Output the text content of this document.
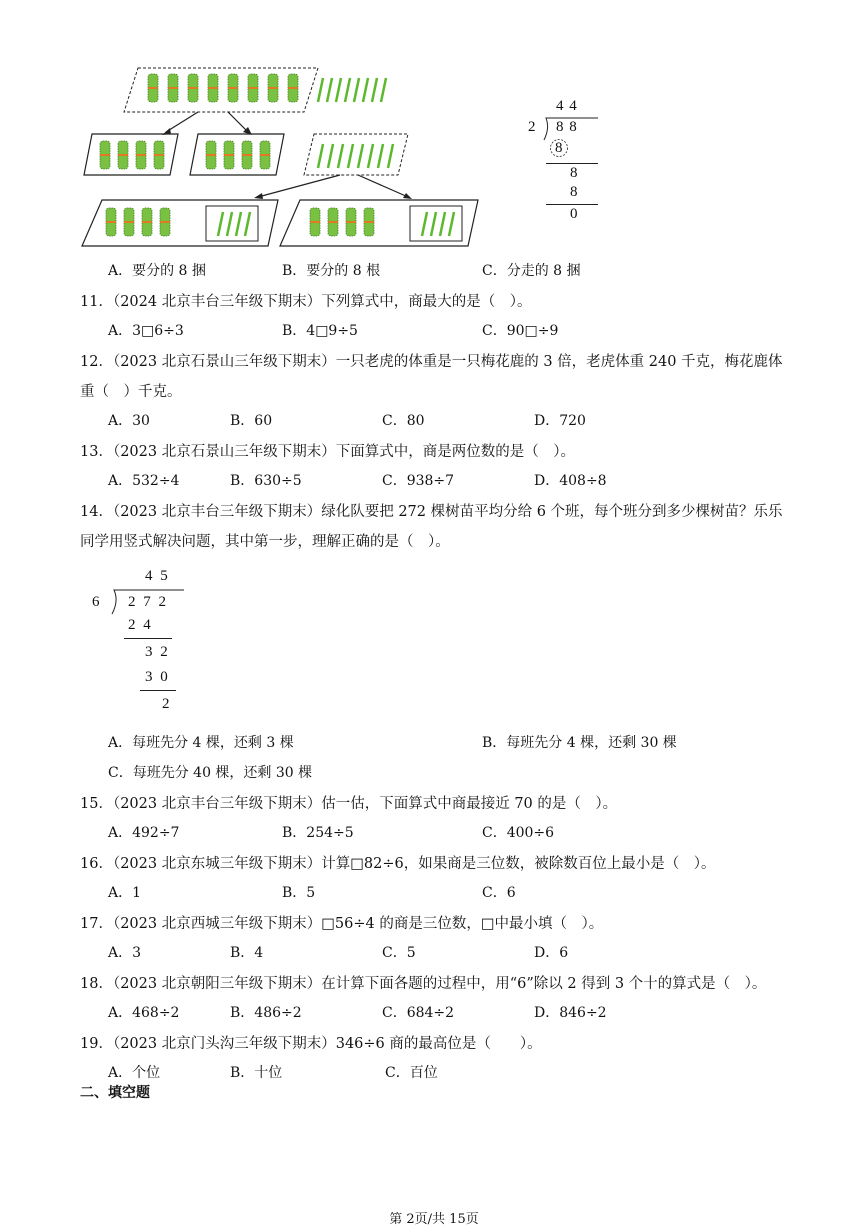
4 4
2 8 8
8
8
8
0
A．要分的 8 捆	B．要分的 8 根	C．分走的 8 捆
11．（2024 北京丰台三年级下期末）下列算式中，商最大的是（　）。
A．3□6÷3	B．4□9÷5	C．90□÷9
12．（2023 北京石景山三年级下期末）一只老虎的体重是一只梅花鹿的 3 倍，老虎体重 240 千克，梅花鹿体
重（　）千克。
A．30	B．60	C．80	D．720
13．（2023 北京石景山三年级下期末）下面算式中，商是两位数的是（　）。
A．532÷4	B．630÷5	C．938÷7	D．408÷8
14．（2023 北京丰台三年级下期末）绿化队要把 272 棵树苗平均分给 6 个班，每个班分到多少棵树苗？乐乐
同学用竖式解决问题，其中第一步，理解正确的是（　）。
4 5
6 2 7 2
2 4
3 2
3 0
2
A．每班先分 4 棵，还剩 3 棵	B．每班先分 4 棵，还剩 30 棵
C．每班先分 40 棵，还剩 30 棵
15．（2023 北京丰台三年级下期末）估一估，下面算式中商最接近 70 的是（　）。
A．492÷7	B．254÷5	C．400÷6
16．（2023 北京东城三年级下期末）计算□82÷6，如果商是三位数，被除数百位上最小是（　）。
A．1	B．5	C．6
17．（2023 北京西城三年级下期末）□56÷4 的商是三位数，□中最小填（　）。
A．3	B．4	C．5	D．6
18．（2023 北京朝阳三年级下期末）在计算下面各题的过程中，用“6”除以 2 得到 3 个十的算式是（　）。
A．468÷2	B．486÷2	C．684÷2	D．846÷2
19．（2023 北京门头沟三年级下期末）346÷6 商的最高位是（　　）。
A．个位	B．十位	C．百位
二、填空题
第 2页/共 15页
